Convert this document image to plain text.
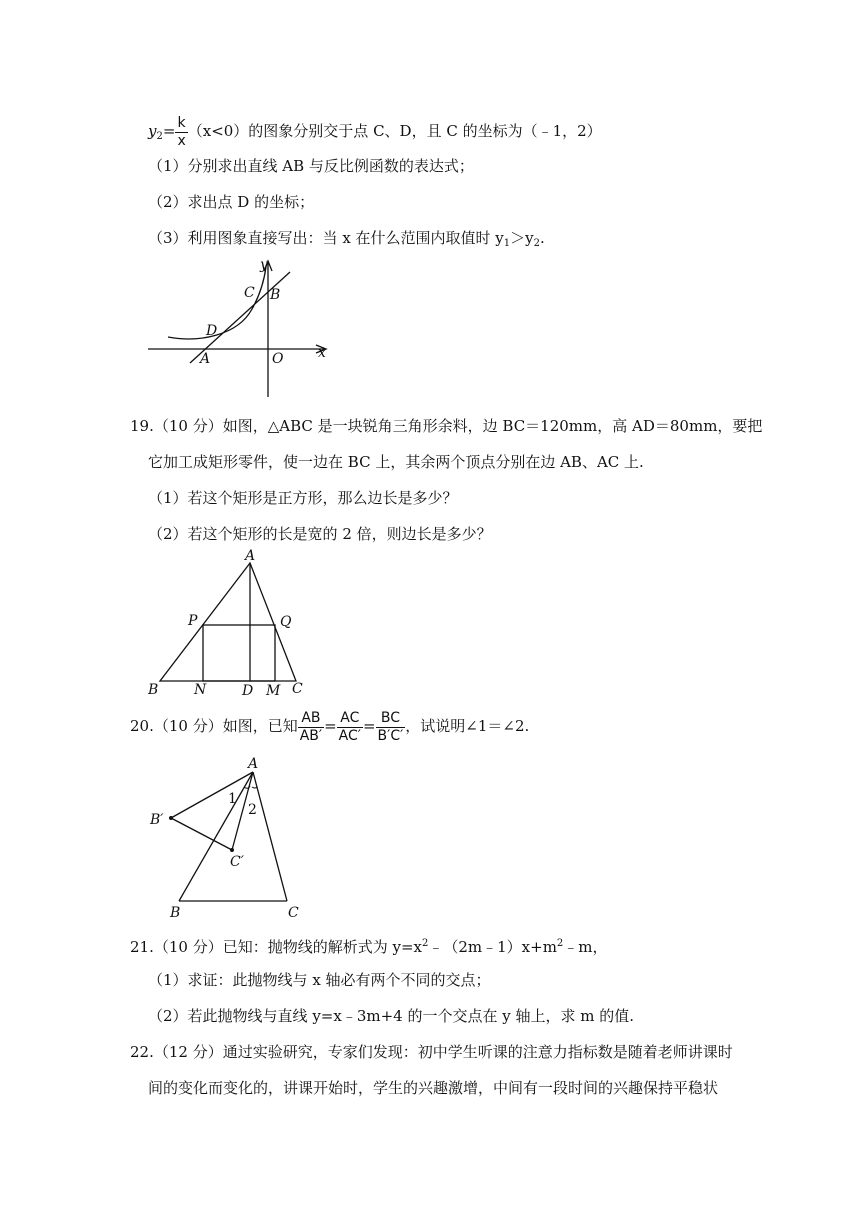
$y_2= \frac{k}{x} (x<0)$的图象分别交于点 C、D，且 C 的坐标为（﹣1，2）
（1）分别求出直线 AB 与反比例函数的表达式；
（2）求出点 D 的坐标；
（3）利用图象直接写出：当 x 在什么范围内取值时 $y_1>y_2$.
y
C B
D
A	O x
19.（10 分）如图，△ABC 是一块锐角三角形余料，边 BC＝120mm，高 AD＝80mm，要把
它加工成矩形零件，使一边在 BC 上，其余两个顶点分别在边 AB、AC 上.
（1）若这个矩形是正方形，那么边长是多少？
（2）若这个矩形的长是宽的 2 倍，则边长是多少？
A
P	Q
B	N	D M C
20.（10 分）如图，已知 $\frac{AB}{AB'} = \frac{AC}{AC'} = \frac{BC}{B'C'}$ ，试说明∠1＝∠2.
A
B′
C′
B	C
1
2
21.（10 分）已知：抛物线的解析式为 $y=x^2﹣(2m﹣1)x+m^2﹣m$，
（1）求证：此抛物线与 x 轴必有两个不同的交点；
（2）若此抛物线与直线 y=x﹣3m+4 的一个交点在 y 轴上，求 m 的值.
22.（12 分）通过实验研究，专家们发现：初中学生听课的注意力指标数是随着老师讲课时
间的变化而变化的，讲课开始时，学生的兴趣激增，中间有一段时间的兴趣保持平稳状
